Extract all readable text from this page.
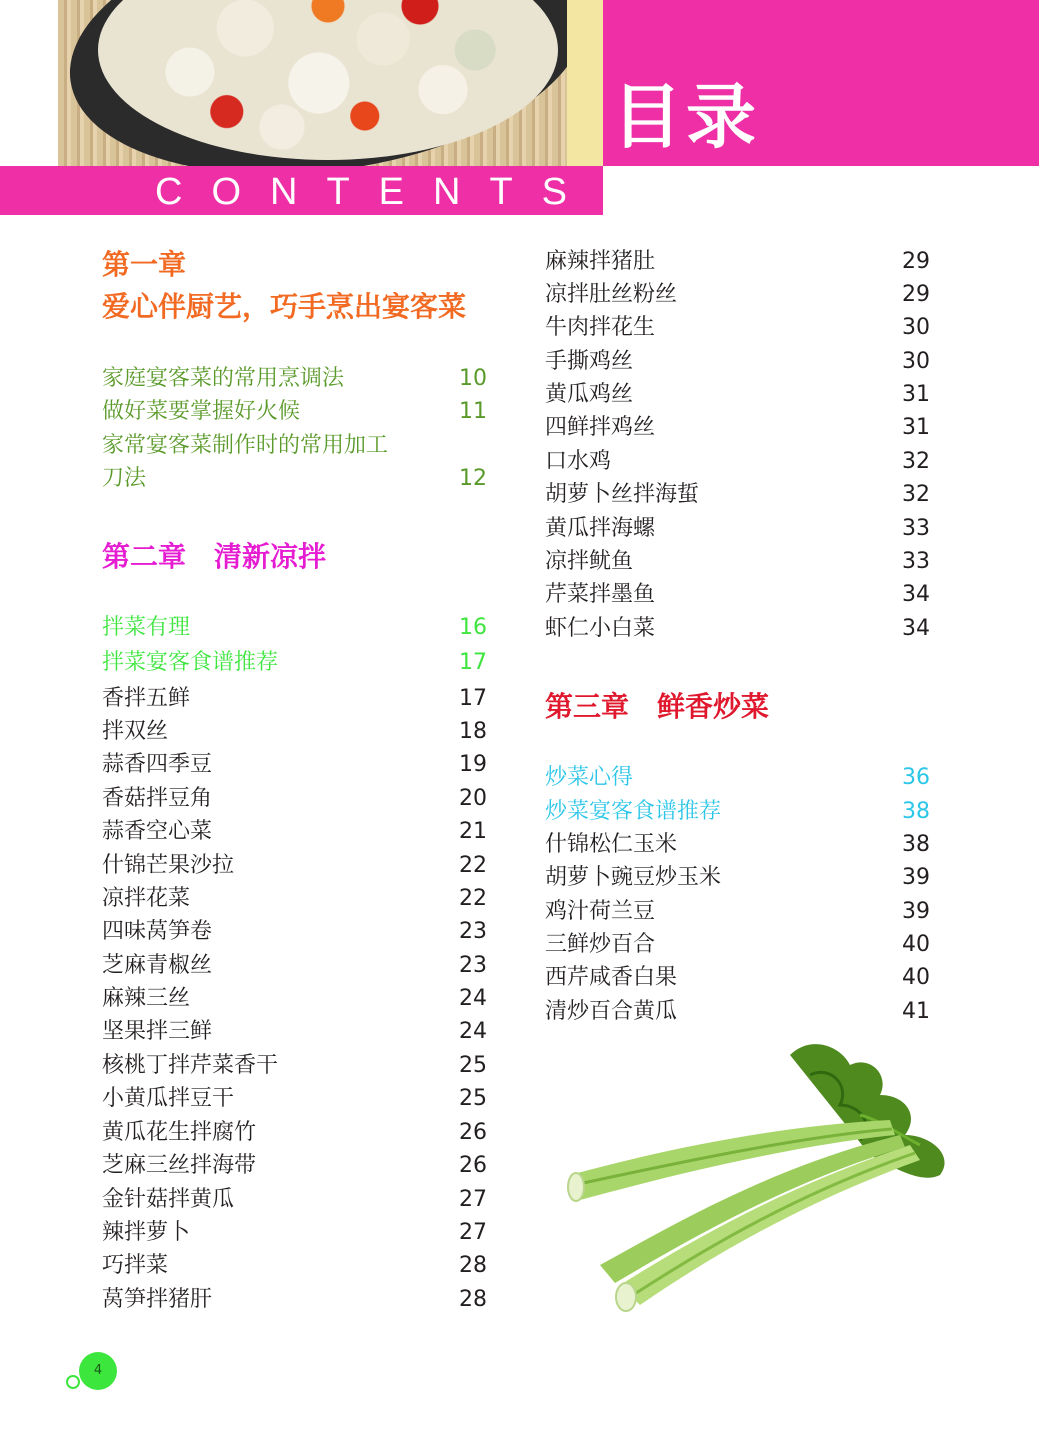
目录
CONTENTS
第一章
爱心伴厨艺，巧手烹出宴客菜
家庭宴客菜的常用烹调法	10
做好菜要掌握好火候	11
家常宴客菜制作时的常用加工
刀法	12
第二章　清新凉拌
拌菜有理	16
拌菜宴客食谱推荐	17
香拌五鲜	17
拌双丝	18
蒜香四季豆	19
香菇拌豆角	20
蒜香空心菜	21
什锦芒果沙拉	22
凉拌花菜	22
四味莴笋卷	23
芝麻青椒丝	23
麻辣三丝	24
坚果拌三鲜	24
核桃丁拌芹菜香干	25
小黄瓜拌豆干	25
黄瓜花生拌腐竹	26
芝麻三丝拌海带	26
金针菇拌黄瓜	27
辣拌萝卜	27
巧拌菜	28
莴笋拌猪肝	28
麻辣拌猪肚	29
凉拌肚丝粉丝	29
牛肉拌花生	30
手撕鸡丝	30
黄瓜鸡丝	31
四鲜拌鸡丝	31
口水鸡	32
胡萝卜丝拌海蜇	32
黄瓜拌海螺	33
凉拌鱿鱼	33
芹菜拌墨鱼	34
虾仁小白菜	34
第三章　鲜香炒菜
炒菜心得	36
炒菜宴客食谱推荐	38
什锦松仁玉米	38
胡萝卜豌豆炒玉米	39
鸡汁荷兰豆	39
三鲜炒百合	40
西芹咸香白果	40
清炒百合黄瓜	41
4
